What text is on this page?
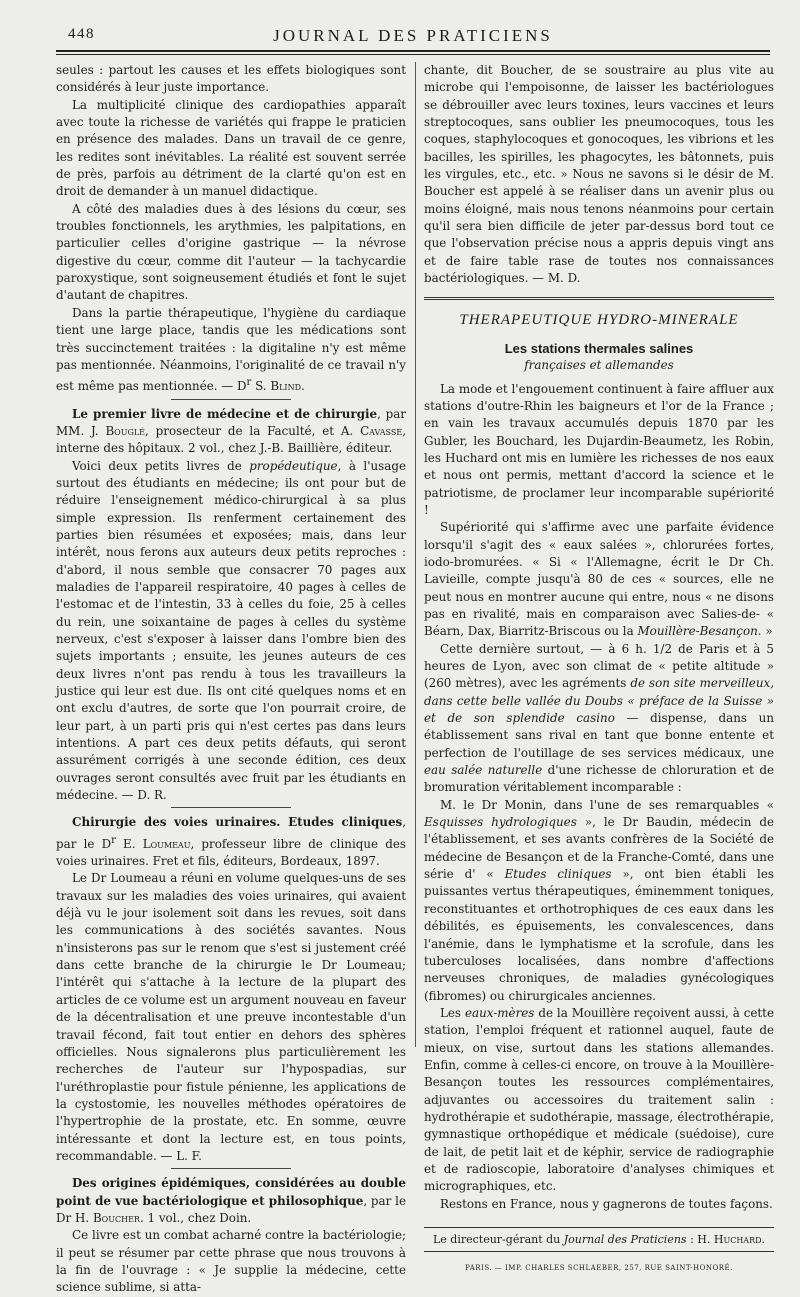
448	JOURNAL DES PRATICIENS

seules : partout les causes et les effets biologiques sont considérés à leur juste importance.

La multiplicité clinique des cardiopathies apparaît avec toute la richesse de variétés qui frappe le praticien en présence des malades. Dans un travail de ce genre, les redites sont inévitables. La réalité est souvent serrée de près, parfois au détriment de la clarté qu'on est en droit de demander à un manuel didactique.

A côté des maladies dues à des lésions du cœur, ses troubles fonctionnels, les arythmies, les palpitations, en particulier celles d'origine gastrique — la névrose digestive du cœur, comme dit l'auteur — la tachycardie paroxystique, sont soigneusement étudiés et font le sujet d'autant de chapitres.

Dans la partie thérapeutique, l'hygiène du cardiaque tient une large place, tandis que les médications sont très succinctement traitées : la digitaline n'y est même pas mentionnée. Néanmoins, l'originalité de ce travail n'y est même pas mentionnée. — $D^r$ S. Blind.

Le premier livre de médecine et de chirurgie, par MM. J. Bouglé, prosecteur de la Faculté, et A. Cavasse, interne des hôpitaux. 2 vol., chez J.-B. Baillière, éditeur.

Voici deux petits livres de propédeutique, à l'usage surtout des étudiants en médecine; ils ont pour but de réduire l'enseignement médico-chirurgical à sa plus simple expression. Ils renferment certainement des parties bien résumées et exposées; mais, dans leur intérêt, nous ferons aux auteurs deux petits reproches : d'abord, il nous semble que consacrer 70 pages aux maladies de l'appareil respiratoire, 40 pages à celles de l'estomac et de l'intestin, 33 à celles du foie, 25 à celles du rein, une soixantaine de pages à celles du système nerveux, c'est s'exposer à laisser dans l'ombre bien des sujets importants ; ensuite, les jeunes auteurs de ces deux livres n'ont pas rendu à tous les travailleurs la justice qui leur est due. Ils ont cité quelques noms et en ont exclu d'autres, de sorte que l'on pourrait croire, de leur part, à un parti pris qui n'est certes pas dans leurs intentions. A part ces deux petits défauts, qui seront assurément corrigés à une seconde édition, ces deux ouvrages seront consultés avec fruit par les étudiants en médecine. — D. R.

Chirurgie des voies urinaires. Etudes cliniques, par le $D^r$ E. Loumeau, professeur libre de clinique des voies urinaires. Fret et fils, éditeurs, Bordeaux, 1897.

Le Dr Loumeau a réuni en volume quelques-uns de ses travaux sur les maladies des voies urinaires, qui avaient déjà vu le jour isolement soit dans les revues, soit dans les communications à des sociétés savantes. Nous n'insisterons pas sur le renom que s'est si justement créé dans cette branche de la chirurgie le Dr Loumeau; l'intérêt qui s'attache à la lecture de la plupart des articles de ce volume est un argument nouveau en faveur de la décentralisation et une preuve incontestable d'un travail fécond, fait tout entier en dehors des sphères officielles. Nous signalerons plus particulièrement les recherches de l'auteur sur l'hypospadias, sur l'uréthroplastie pour fistule pénienne, les applications de la cystostomie, les nouvelles méthodes opératoires de l'hypertrophie de la prostate, etc. En somme, œuvre intéressante et dont la lecture est, en tous points, recommandable. — L. F.

Des origines épidémiques, considérées au double point de vue bactériologique et philosophique, par le Dr H. Boucher. 1 vol., chez Doin.

Ce livre est un combat acharné contre la bactériologie; il peut se résumer par cette phrase que nous trouvons à la fin de l'ouvrage : « Je supplie la médecine, cette science sublime, si atta-

chante, dit Boucher, de se soustraire au plus vite au microbe qui l'empoisonne, de laisser les bactériologues se débrouiller avec leurs toxines, leurs vaccines et leurs streptocoques, sans oublier les pneumocoques, tous les coques, staphylocoques et gonocoques, les vibrions et les bacilles, les spirilles, les phagocytes, les bâtonnets, puis les virgules, etc., etc. » Nous ne savons si le désir de M. Boucher est appelé à se réaliser dans un avenir plus ou moins éloigné, mais nous tenons néanmoins pour certain qu'il sera bien difficile de jeter par-dessus bord tout ce que l'observation précise nous a appris depuis vingt ans et de faire table rase de toutes nos connaissances bactériologiques. — M. D.

THERAPEUTIQUE HYDRO-MINERALE
Les stations thermales salines
françaises et allemandes

La mode et l'engouement continuent à faire affluer aux stations d'outre-Rhin les baigneurs et l'or de la France ; en vain les travaux accumulés depuis 1870 par les Gubler, les Bouchard, les Dujardin-Beaumetz, les Robin, les Huchard ont mis en lumière les richesses de nos eaux et nous ont permis, mettant d'accord la science et le patriotisme, de proclamer leur incomparable supériorité !

Supériorité qui s'affirme avec une parfaite évidence lorsqu'il s'agit des « eaux salées », chlorurées fortes, iodo-bromurées. « Si « l'Allemagne, écrit le Dr Ch. Lavieille, compte jusqu'à 80 de ces « sources, elle ne peut nous en montrer aucune qui entre, nous « ne disons pas en rivalité, mais en comparaison avec Salies-de- « Béarn, Dax, Biarritz-Briscous ou la Mouillère-Besançon. »

Cette dernière surtout, — à 6 h. 1/2 de Paris et à 5 heures de Lyon, avec son climat de « petite altitude » (260 mètres), avec les agréments de son site merveilleux, dans cette belle vallée du Doubs « préface de la Suisse » et de son splendide casino — dispense, dans un établissement sans rival en tant que bonne entente et perfection de l'outillage de ses services médicaux, une eau salée naturelle d'une richesse de chloruration et de bromuration véritablement incomparable :

M. le Dr Monin, dans l'une de ses remarquables « Esquisses hydrologiques », le Dr Baudin, médecin de l'établissement, et ses avants confrères de la Société de médecine de Besançon et de la Franche-Comté, dans une série d' « Etudes cliniques », ont bien établi les puissantes vertus thérapeutiques, éminemment toniques, reconstituantes et orthotrophiques de ces eaux dans les débilités, es épuisements, les convalescences, dans l'anémie, dans le lymphatisme et la scrofule, dans les tuberculoses localisées, dans nombre d'affections nerveuses chroniques, de maladies gynécologiques (fibromes) ou chirurgicales anciennes.

Les eaux-mères de la Mouillère reçoivent aussi, à cette station, l'emploi fréquent et rationnel auquel, faute de mieux, on vise, surtout dans les stations allemandes. Enfin, comme à celles-ci encore, on trouve à la Mouillère-Besançon toutes les ressources complémentaires, adjuvantes ou accessoires du traitement salin : hydrothérapie et sudothérapie, massage, électrothérapie, gymnastique orthopédique et médicale (suédoise), cure de lait, de petit lait et de képhir, service de radiographie et de radioscopie, laboratoire d'analyses chimiques et micrographiques, etc.

Restons en France, nous y gagnerons de toutes façons.

Le directeur-gérant du Journal des Praticiens : H. Huchard.
PARIS. — IMP. CHARLES SCHLAEBER, 257, RUE SAINT-HONORÉ.
